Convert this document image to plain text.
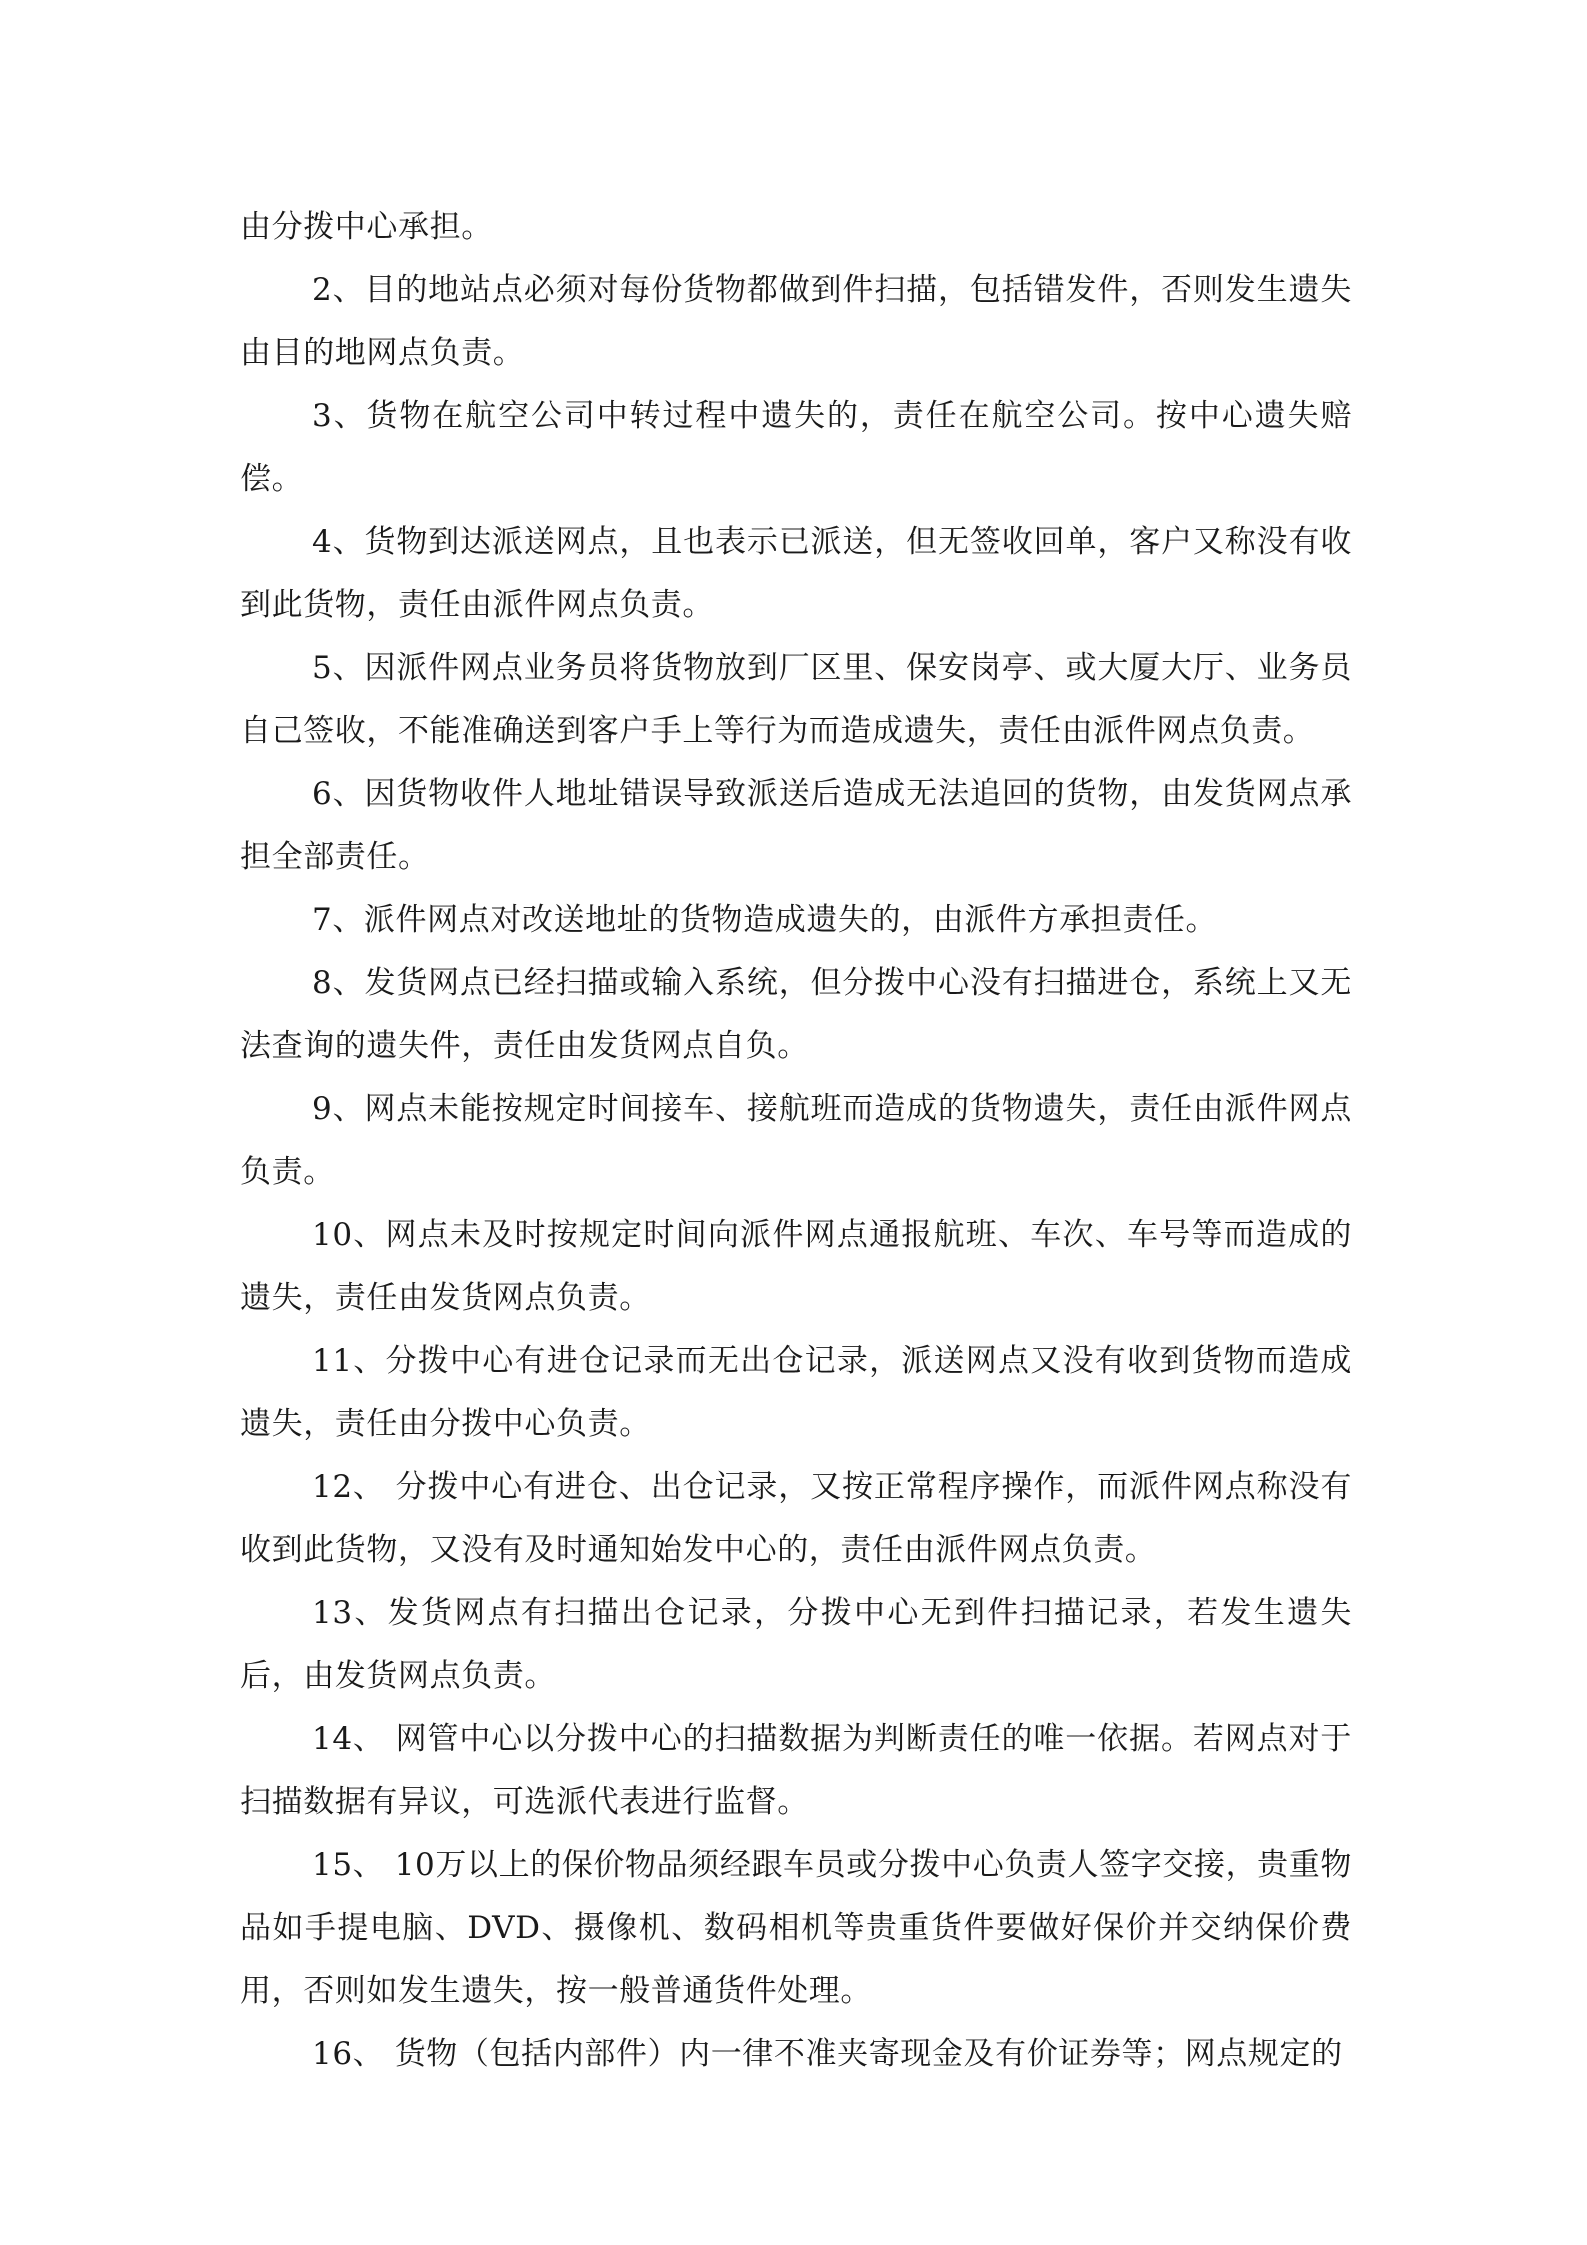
由分拨中心承担。

2、目的地站点必须对每份货物都做到件扫描，包括错发件，否则发生遗失由目的地网点负责。

3、货物在航空公司中转过程中遗失的，责任在航空公司。按中心遗失赔偿。

4、货物到达派送网点，且也表示已派送，但无签收回单，客户又称没有收到此货物，责任由派件网点负责。

5、因派件网点业务员将货物放到厂区里、保安岗亭、或大厦大厅、业务员自己签收，不能准确送到客户手上等行为而造成遗失，责任由派件网点负责。

6、因货物收件人地址错误导致派送后造成无法追回的货物，由发货网点承担全部责任。

7、派件网点对改送地址的货物造成遗失的，由派件方承担责任。

8、发货网点已经扫描或输入系统，但分拨中心没有扫描进仓，系统上又无法查询的遗失件，责任由发货网点自负。

9、网点未能按规定时间接车、接航班而造成的货物遗失，责任由派件网点负责。

10、网点未及时按规定时间向派件网点通报航班、车次、车号等而造成的遗失，责任由发货网点负责。

11、分拨中心有进仓记录而无出仓记录，派送网点又没有收到货物而造成遗失，责任由分拨中心负责。

12、 分拨中心有进仓、出仓记录，又按正常程序操作，而派件网点称没有收到此货物，又没有及时通知始发中心的，责任由派件网点负责。

13、发货网点有扫描出仓记录，分拨中心无到件扫描记录，若发生遗失后，由发货网点负责。

14、 网管中心以分拨中心的扫描数据为判断责任的唯一依据。若网点对于扫描数据有异议，可选派代表进行监督。

15、 10万以上的保价物品须经跟车员或分拨中心负责人签字交接，贵重物品如手提电脑、DVD、摄像机、数码相机等贵重货件要做好保价并交纳保价费用，否则如发生遗失，按一般普通货件处理。

16、 货物（包括内部件）内一律不准夹寄现金及有价证券等；网点规定的
